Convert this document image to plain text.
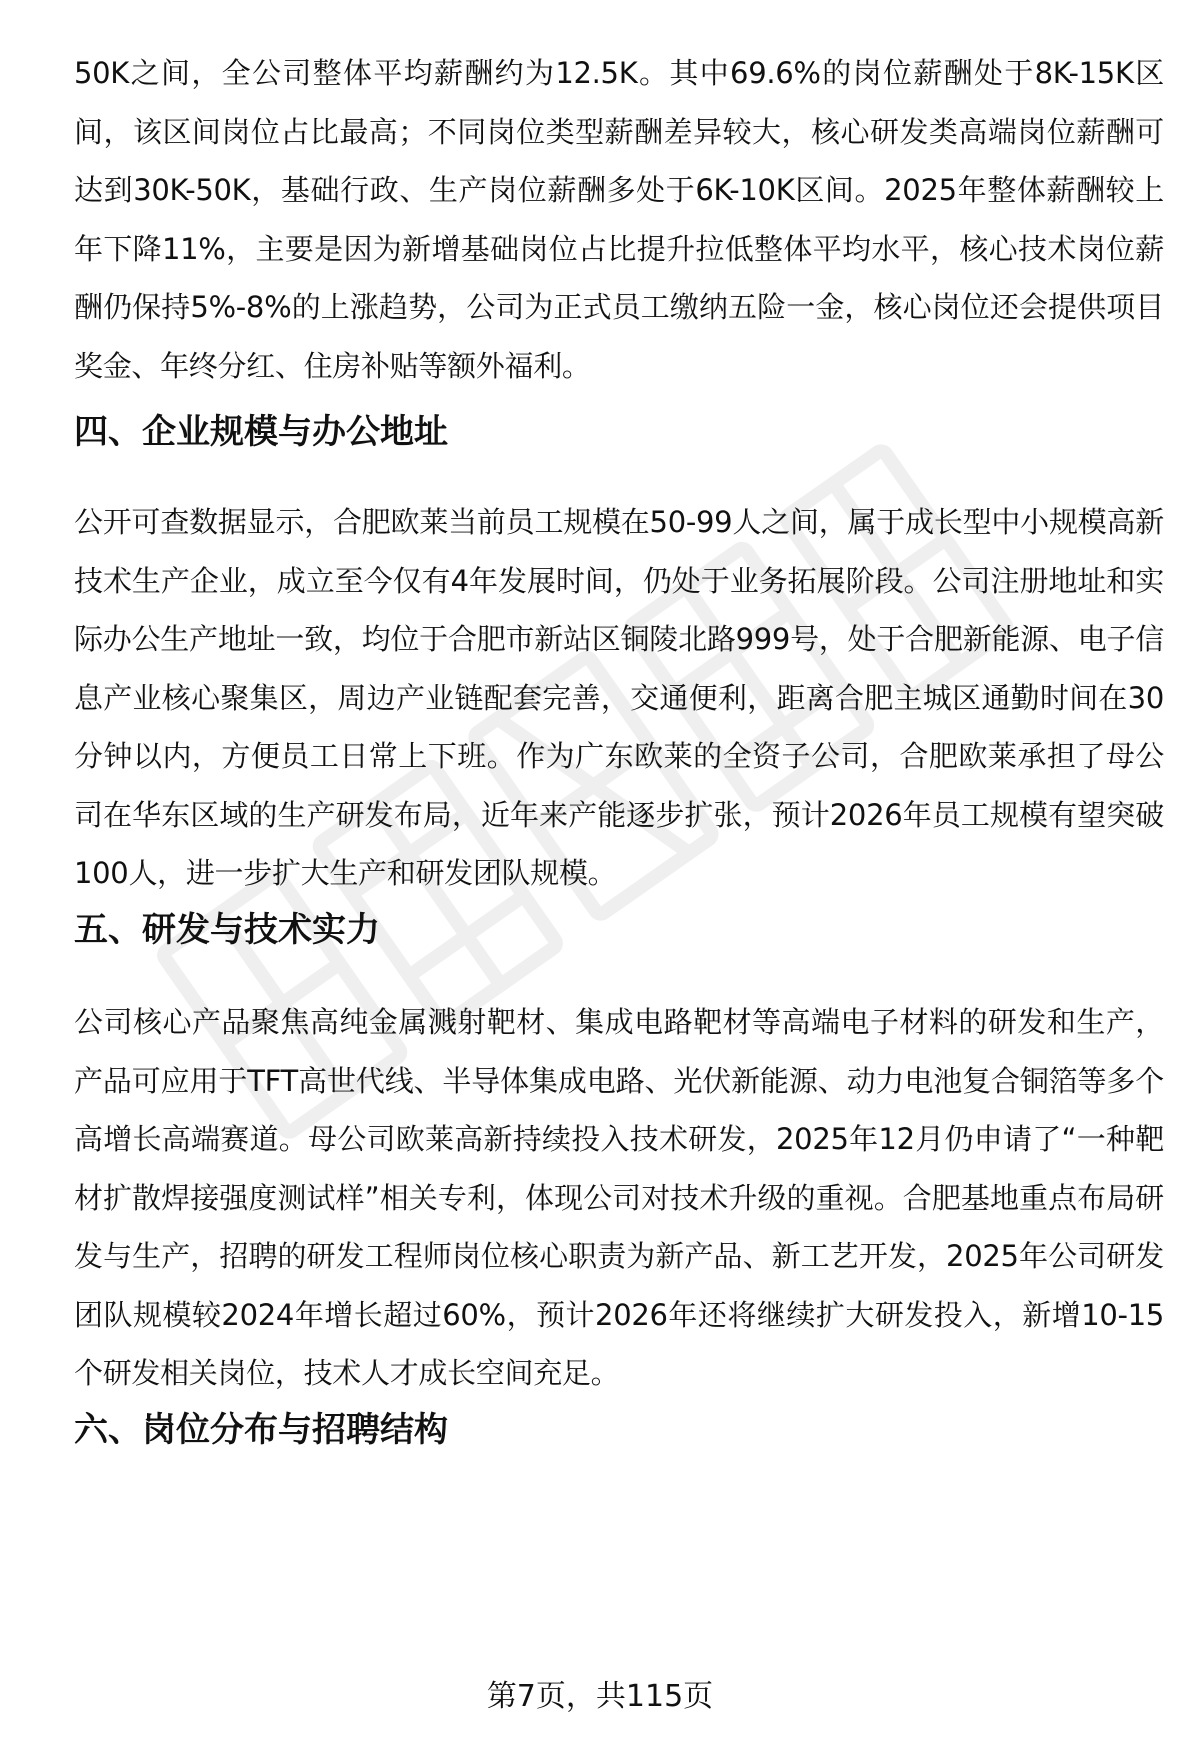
50K之间，全公司整体平均薪酬约为12.5K。其中69.6%的岗位薪酬处于8K-15K区间，该区间岗位占比最高；不同岗位类型薪酬差异较大，核心研发类高端岗位薪酬可达到30K-50K，基础行政、生产岗位薪酬多处于6K-10K区间。2025年整体薪酬较上年下降11%，主要是因为新增基础岗位占比提升拉低整体平均水平，核心技术岗位薪酬仍保持5%-8%的上涨趋势，公司为正式员工缴纳五险一金，核心岗位还会提供项目奖金、年终分红、住房补贴等额外福利。

四、企业规模与办公地址

公开可查数据显示，合肥欧莱当前员工规模在50-99人之间，属于成长型中小规模高新技术生产企业，成立至今仅有4年发展时间，仍处于业务拓展阶段。公司注册地址和实际办公生产地址一致，均位于合肥市新站区铜陵北路999号，处于合肥新能源、电子信息产业核心聚集区，周边产业链配套完善，交通便利，距离合肥主城区通勤时间在30分钟以内，方便员工日常上下班。作为广东欧莱的全资子公司，合肥欧莱承担了母公司在华东区域的生产研发布局，近年来产能逐步扩张，预计2026年员工规模有望突破100人，进一步扩大生产和研发团队规模。

五、研发与技术实力

公司核心产品聚焦高纯金属溅射靶材、集成电路靶材等高端电子材料的研发和生产，产品可应用于TFT高世代线、半导体集成电路、光伏新能源、动力电池复合铜箔等多个高增长高端赛道。母公司欧莱高新持续投入技术研发，2025年12月仍申请了“一种靶材扩散焊接强度测试样”相关专利，体现公司对技术升级的重视。合肥基地重点布局研发与生产，招聘的研发工程师岗位核心职责为新产品、新工艺开发，2025年公司研发团队规模较2024年增长超过60%，预计2026年还将继续扩大研发投入，新增10-15个研发相关岗位，技术人才成长空间充足。

六、岗位分布与招聘结构
第7页，共115页
